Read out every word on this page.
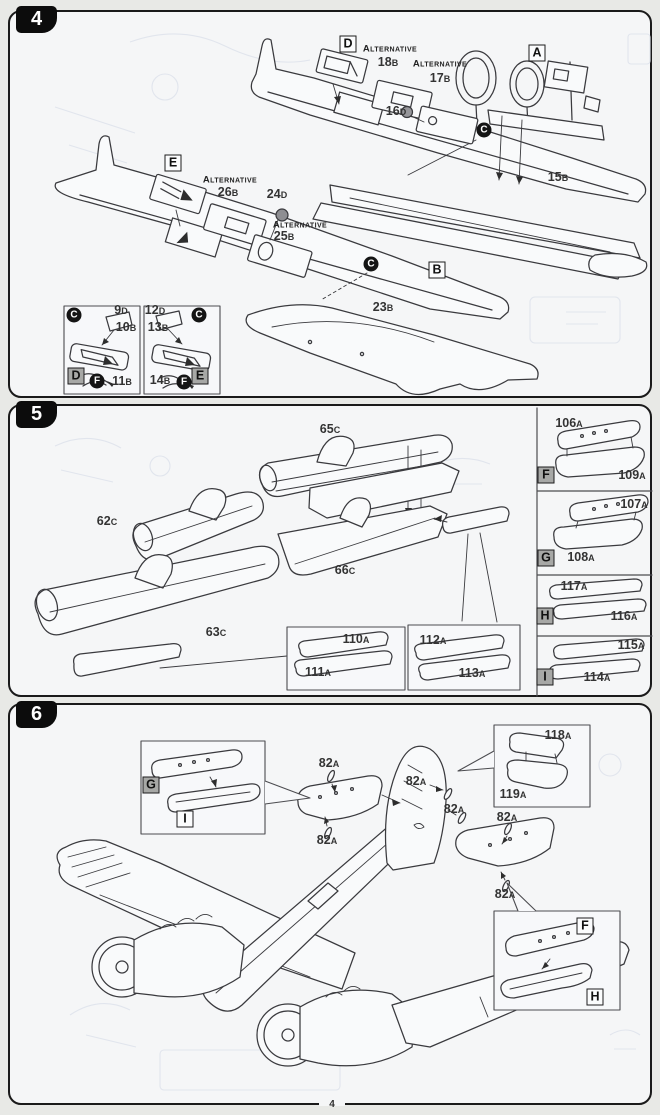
4
5
6
D	ALTERNATIVE
18B ALTERNATIVE
17B
16D
A
C
15B
E
ALTERNATIVE
26B 24D
ALTERNATIVE
25B
B
C
23B
C	9D
10B
D	F 11B
12D
13B
C
14B	F E
65C
62C
66C
63C	110A
111A
112A
113A
106A
F	109A
107A
G 108A
117A
H	116A
115A
I	114A
G
I
118A
119A
82A
82A
82A
82A	82A
82A
F
H
4
